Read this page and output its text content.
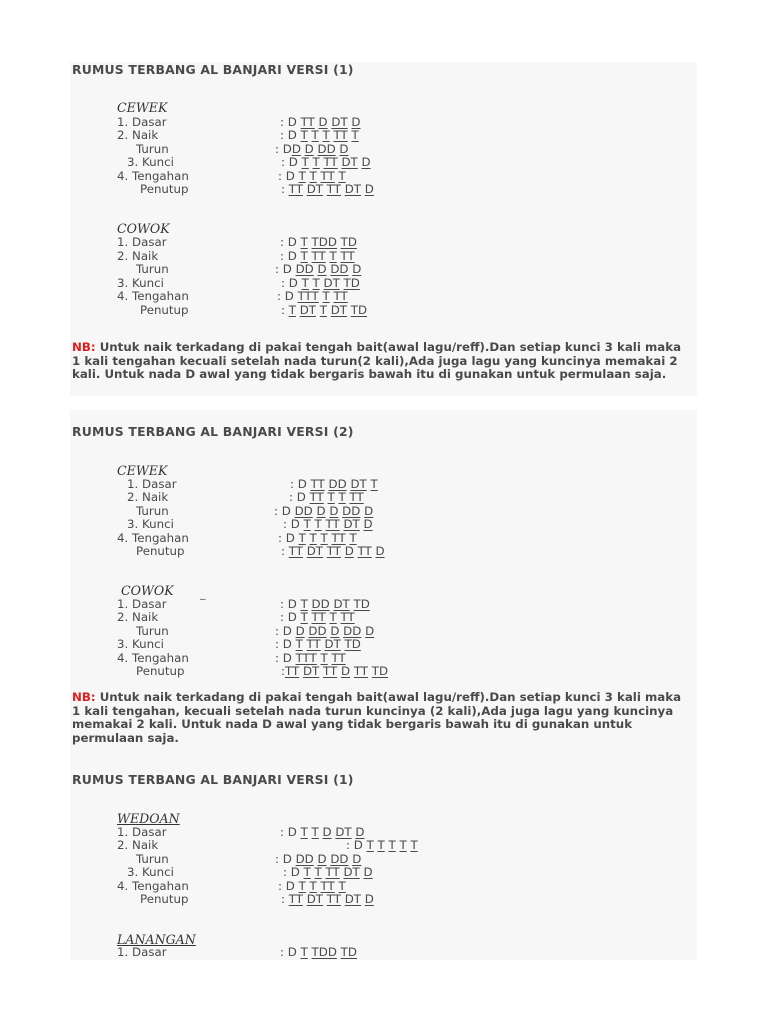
RUMUS TERBANG AL BANJARI VERSI (1)
CEWEK
1. Dasar	: D TT D DT D
2. Naik	: D T T T TT T
Turun	: DD D DD D
3. Kunci	: D T T TT DT D
4. Tengahan	: D T T TT T
Penutup	: TT DT TT DT D
COWOK
1. Dasar	: D T TDD TD
2. Naik	: D T TT T TT
Turun	: D DD D DD D
3. Kunci	: D T T DT TD
4. Tengahan	: D TTT T TT
Penutup	: T DT T DT TD
NB: Untuk naik terkadang di pakai tengah bait(awal lagu/reff).Dan setiap kunci 3 kali maka 1 kali tengahan kecuali setelah nada turun(2 kali),Ada juga lagu yang kuncinya memakai 2 kali. Untuk nada D awal yang tidak bergaris bawah itu di gunakan untuk permulaan saja.
RUMUS TERBANG AL BANJARI VERSI (2)
CEWEK
1. Dasar	: D TT DD DT T
2. Naik	: D TT T T TT
Turun	: D DD D D DD D
3. Kunci	: D T T TT DT D
4. Tengahan	: D T T T TT T
Penutup	: TT DT TT D TT D
COWOK _
1. Dasar	: D T DD DT TD
2. Naik	: D T TT T TT
Turun	: D D DD D DD D
3. Kunci	: D T TT DT TD
4. Tengahan	: D TTT T TT
Penutup	:TT DT TT D TT TD
NB: Untuk naik terkadang di pakai tengah bait(awal lagu/reff).Dan setiap kunci 3 kali maka 1 kali tengahan, kecuali setelah nada turun kuncinya (2 kali),Ada juga lagu yang kuncinya memakai 2 kali. Untuk nada D awal yang tidak bergaris bawah itu di gunakan untuk permulaan saja.
RUMUS TERBANG AL BANJARI VERSI (1)
WEDOAN
1. Dasar	: D T T D DT D
2. Naik	: D T T T T T
Turun	: D DD D DD D
3. Kunci	: D T T TT DT D
4. Tengahan	: D T T TT T
Penutup	: TT DT TT DT D
LANANGAN
1. Dasar	: D T TDD TD
